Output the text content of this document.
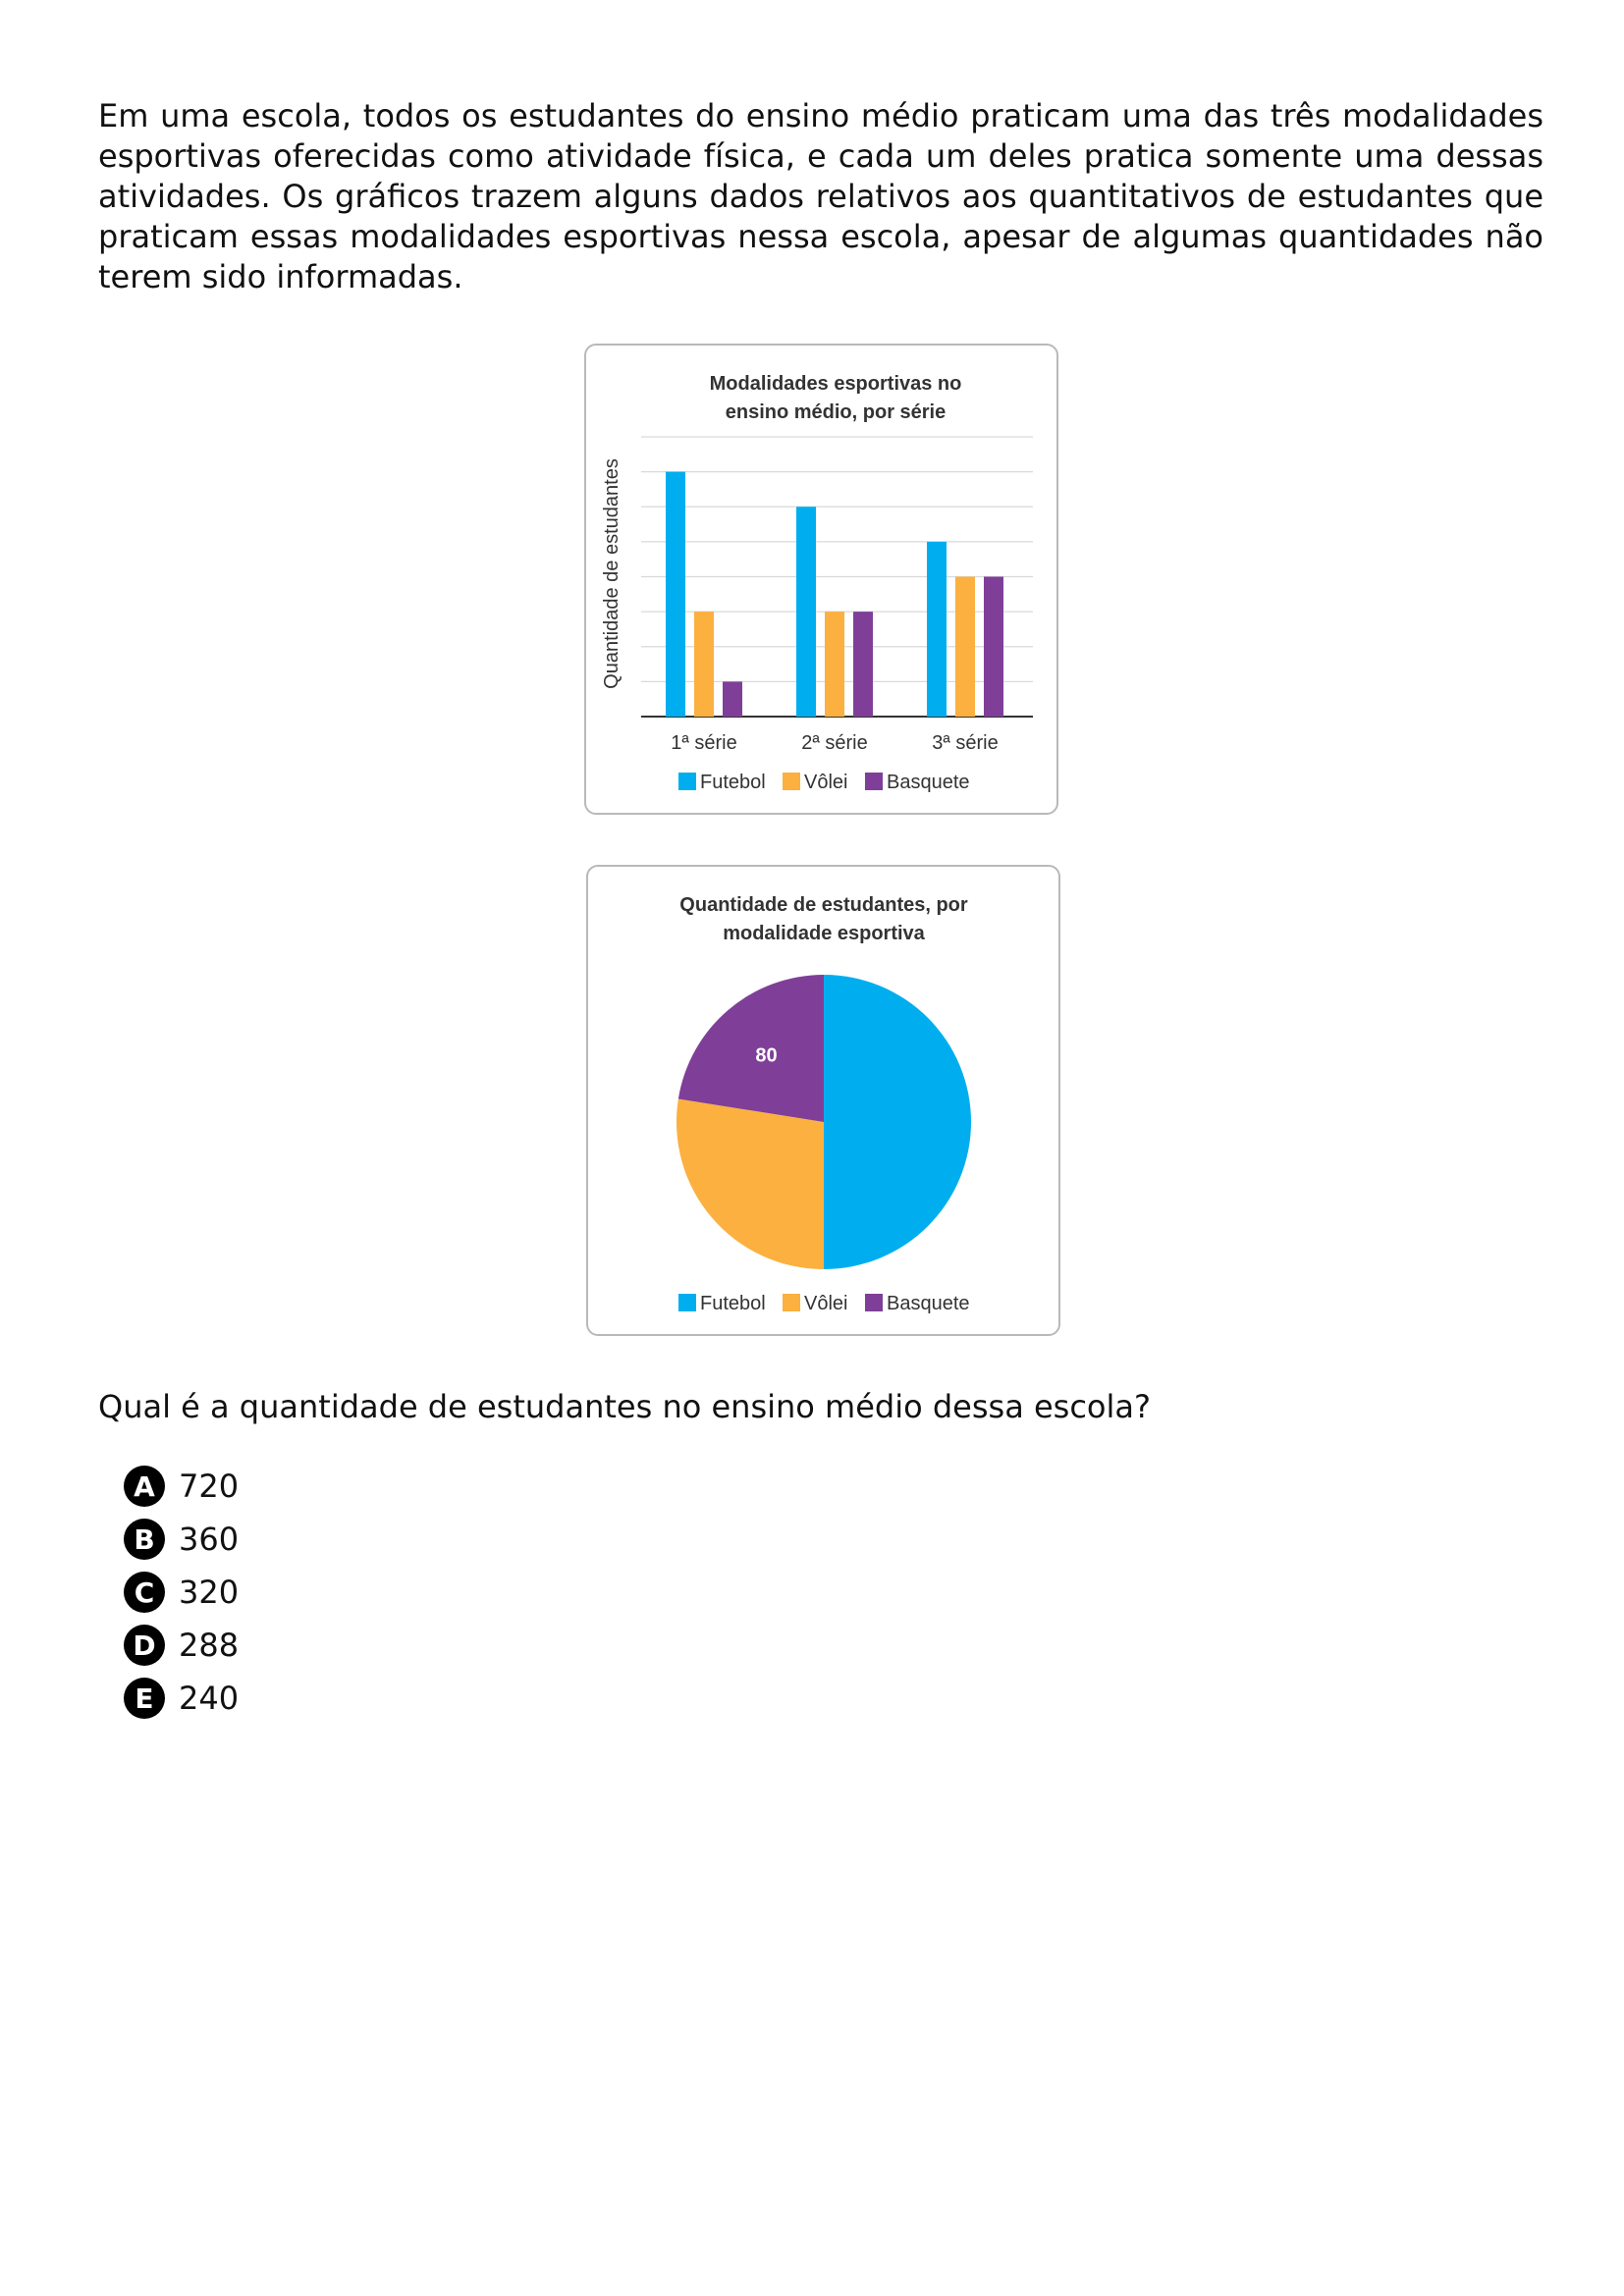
Em uma escola, todos os estudantes do ensino médio praticam uma das três modalidades esportivas oferecidas como atividade física, e cada um deles pratica somente uma dessas atividades. Os gráficos trazem alguns dados relativos aos quantitativos de estudantes que praticam essas modalidades esportivas nessa escola, apesar de algumas quantidades não terem sido informadas.

Modalidades esportivas no
ensino médio, por série
Quantidade de estudantes
1ª série	2ª série	3ª série
Futebol Vôlei Basquete
Quantidade de estudantes, por
modalidade esportiva
80
Futebol Vôlei Basquete

Qual é a quantidade de estudantes no ensino médio dessa escola?

A 720
B 360
C 320
D 288
E 240
